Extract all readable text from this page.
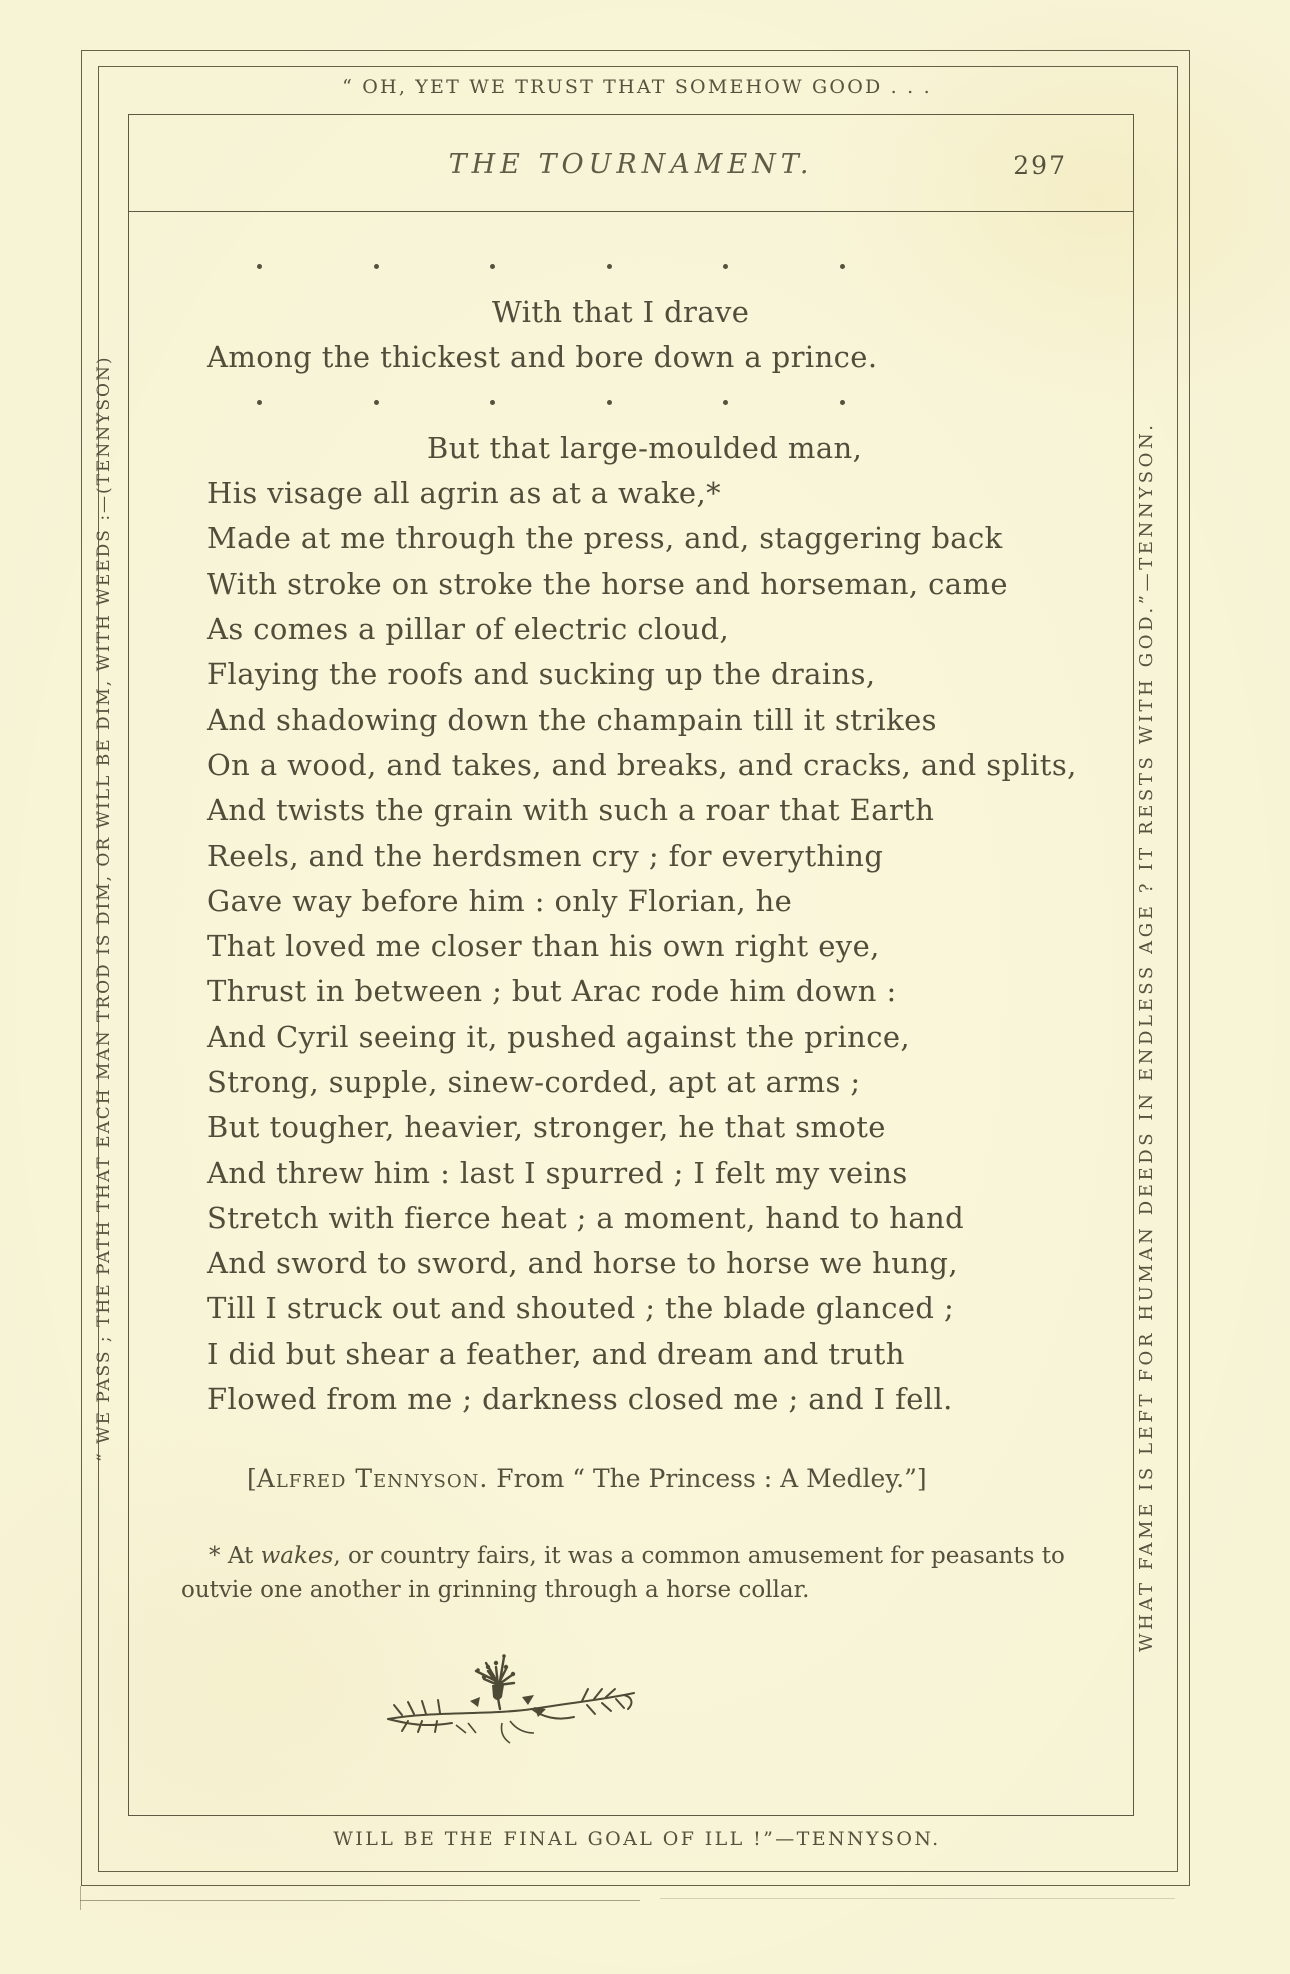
“ OH, YET WE TRUST THAT SOMEHOW GOOD . . .
“ WE PASS ; THE PATH THAT EACH MAN TROD IS DIM, OR WILL BE DIM, WITH WEEDS :—(TENNYSON)	WHAT FAME IS LEFT FOR HUMAN DEEDS IN ENDLESS AGE ? IT RESTS WITH GOD.”—TENNYSON.
THE TOURNAMENT.	297
With that I drave
Among the thickest and bore down a prince.
But that large-moulded man,
His visage all agrin as at a wake,*
Made at me through the press, and, staggering back
With stroke on stroke the horse and horseman, came
As comes a pillar of electric cloud,
Flaying the roofs and sucking up the drains,
And shadowing down the champain till it strikes
On a wood, and takes, and breaks, and cracks, and splits,
And twists the grain with such a roar that Earth
Reels, and the herdsmen cry ; for everything
Gave way before him : only Florian, he
That loved me closer than his own right eye,
Thrust in between ; but Arac rode him down :
And Cyril seeing it, pushed against the prince,
Strong, supple, sinew-corded, apt at arms ;
But tougher, heavier, stronger, he that smote
And threw him : last I spurred ; I felt my veins
Stretch with fierce heat ; a moment, hand to hand
And sword to sword, and horse to horse we hung,
Till I struck out and shouted ; the blade glanced ;
I did but shear a feather, and dream and truth
Flowed from me ; darkness closed me ; and I fell.
[Alfred Tennyson. From “ The Princess : A Medley.”]
* At wakes, or country fairs, it was a common amusement for peasants to
outvie one another in grinning through a horse collar.
WILL BE THE FINAL GOAL OF ILL !”—TENNYSON.
